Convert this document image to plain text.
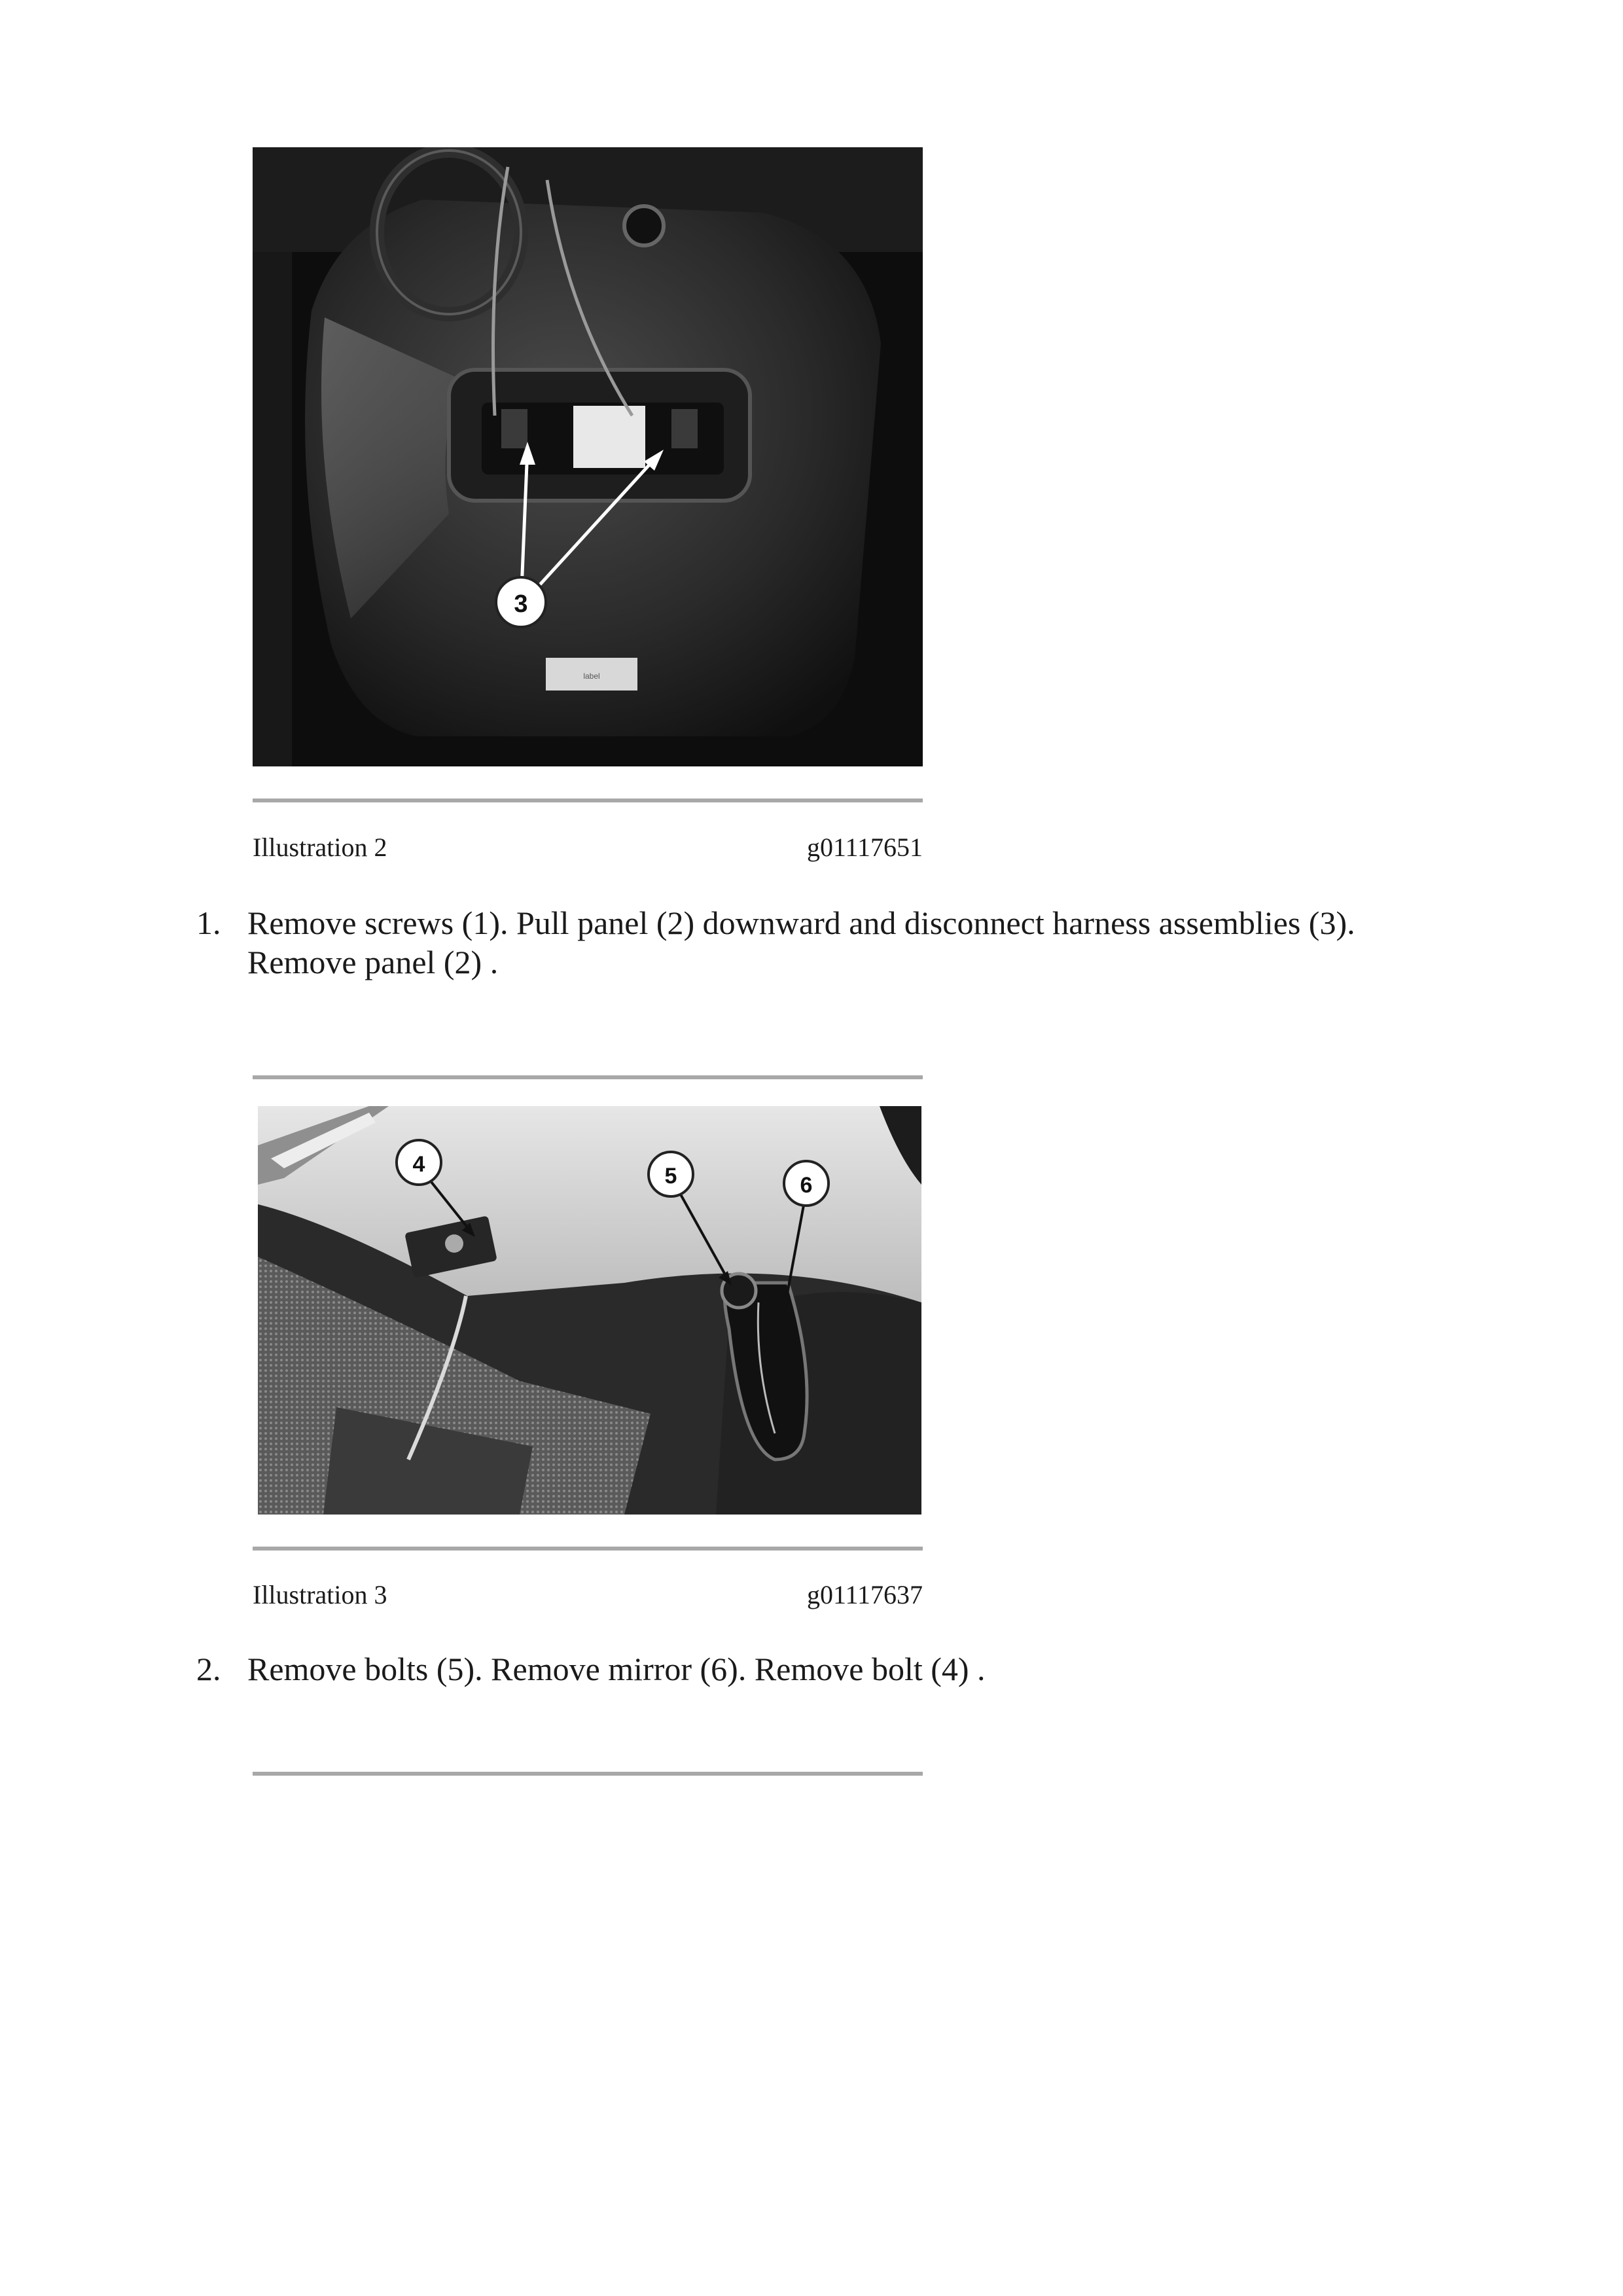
label
3
Illustration 2	g01117651
1. Remove screws (1). Pull panel (2) downward and disconnect harness assemblies (3). Remove panel (2) .
4	5	6
Illustration 3	g01117637
2. Remove bolts (5). Remove mirror (6). Remove bolt (4) .
